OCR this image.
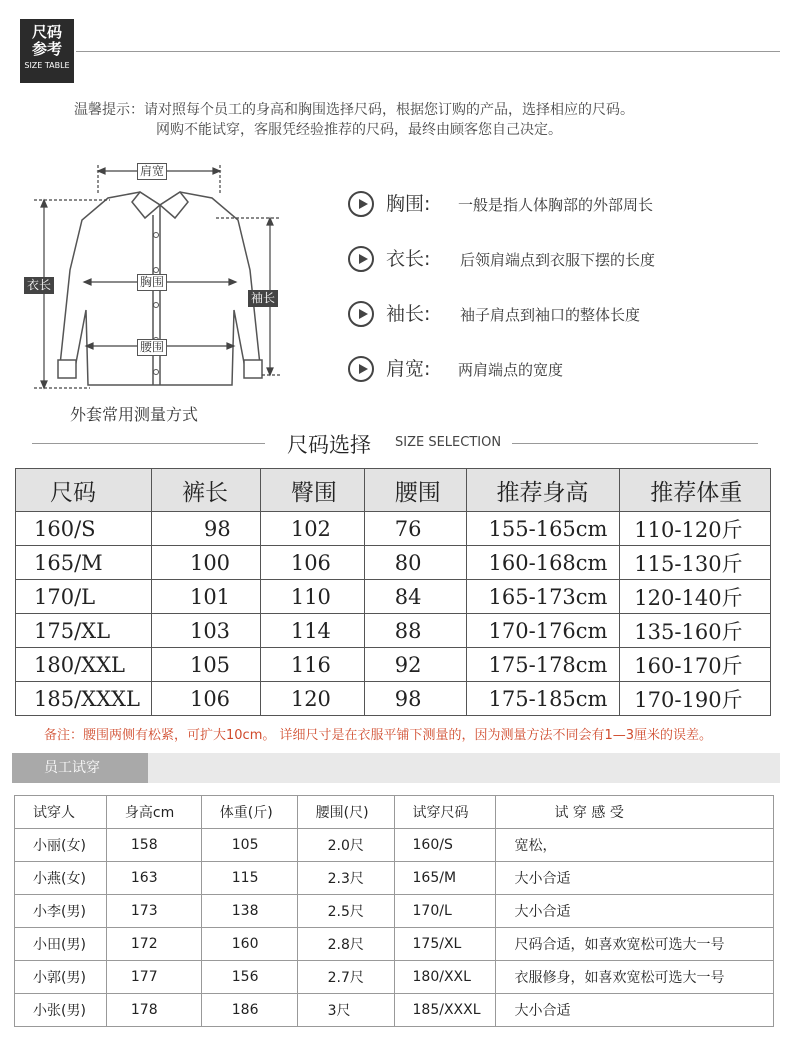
尺码
参考
SIZE TABLE
温馨提示：请对照每个员工的身高和胸围选择尺码，根据您订购的产品，选择相应的尺码。
网购不能试穿，客服凭经验推荐的尺码，最终由顾客您自己决定。
肩宽
衣长	胸围
袖长
腰围
外套常用测量方式
胸围: 一般是指人体胸部的外部周长
衣长: 后领肩端点到衣服下摆的长度
袖长: 袖子肩点到袖口的整体长度
肩宽: 两肩端点的宽度
尺码选择 SIZE SELECTION
尺码	裤长	臀围	腰围	推荐身高	推荐体重
160/S	98	102	76	155-165cm	110-120斤
165/M	100	106	80	160-168cm	115-130斤
170/L	101	110	84	165-173cm	120-140斤
175/XL	103	114	88	170-176cm	135-160斤
180/XXL	105	116	92	175-178cm	160-170斤
185/XXXL	106	120	98	175-185cm	170-190斤
备注：腰围两侧有松紧，可扩大10cm。 详细尺寸是在衣服平铺下测量的，因为测量方法不同会有1—3厘米的误差。
员工试穿
试穿人	身高cm	体重(斤)	腰围(尺)	试穿尺码	试 穿 感 受
小丽(女)	158	105	2.0尺	160/S	宽松，
小燕(女)	163	115	2.3尺	165/M	大小合适
小李(男)	173	138	2.5尺	170/L	大小合适
小田(男)	172	160	2.8尺	175/XL	尺码合适，如喜欢宽松可选大一号
小郭(男)	177	156	2.7尺	180/XXL	衣服修身，如喜欢宽松可选大一号
小张(男)	178	186	3尺	185/XXXL	大小合适
